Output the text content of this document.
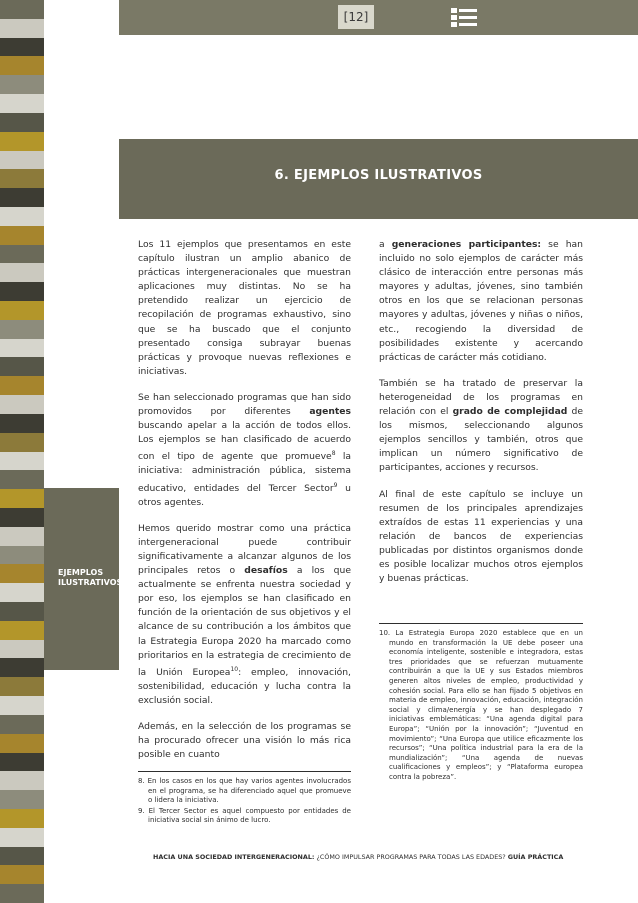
[12]
6. EJEMPLOS ILUSTRATIVOS
EJEMPLOS
ILUSTRATIVOS

Los 11 ejemplos que presentamos en este capítulo ilustran un amplio abanico de prácticas intergeneracionales que muestran aplicaciones muy distintas. No se ha pretendido realizar un ejercicio de recopilación de programas exhaustivo, sino que se ha buscado que el conjunto presentado consiga subrayar buenas prácticas y provoque nuevas reflexiones e iniciativas.

Se han seleccionado programas que han sido promovidos por diferentes agentes buscando apelar a la acción de todos ellos. Los ejemplos se han clasificado de acuerdo con el tipo de agente que promueve$^8$ la iniciativa: administración pública, sistema educativo, entidades del Tercer Sector$^9$ u otros agentes.

Hemos querido mostrar como una práctica intergeneracional puede contribuir significativamente a alcanzar algunos de los principales retos o desafíos a los que actualmente se enfrenta nuestra sociedad y por eso, los ejemplos se han clasificado en función de la orientación de sus objetivos y el alcance de su contribución a los ámbitos que la Estrategia Europa 2020 ha marcado como prioritarios en la estrategia de crecimiento de la Unión Europea$^{10}$: empleo, innovación, sostenibilidad, educación y lucha contra la exclusión social.

Además, en la selección de los programas se ha procurado ofrecer una visión lo más rica posible en cuanto

a generaciones participantes: se han incluido no solo ejemplos de carácter más clásico de interacción entre personas más mayores y adultas, jóvenes, sino también otros en los que se relacionan personas mayores y adultas, jóvenes y niñas o niños, etc., recogiendo la diversidad de posibilidades existente y acercando prácticas de carácter más cotidiano.

También se ha tratado de preservar la heterogeneidad de los programas en relación con el grado de complejidad de los mismos, seleccionando algunos ejemplos sencillos y también, otros que implican un número significativo de participantes, acciones y recursos.

Al final de este capítulo se incluye un resumen de los principales aprendizajes extraídos de estas 11 experiencias y una relación de bancos de experiencias publicadas por distintos organismos donde es posible localizar muchos otros ejemplos y buenas prácticas.

8. En los casos en los que hay varios agentes involucrados en el programa, se ha diferenciado aquel que promueve o lidera la iniciativa.

9. El Tercer Sector es aquel compuesto por entidades de iniciativa social sin ánimo de lucro.

10. La Estrategia Europa 2020 establece que en un mundo en transformación la UE debe poseer una economía inteligente, sostenible e integradora, estas tres prioridades que se refuerzan mutuamente contribuirán a que la UE y sus Estados miembros generen altos niveles de empleo, productividad y cohesión social. Para ello se han fijado 5 objetivos en materia de empleo, innovación, educación, integración social y clima/energía y se han desplegado 7 iniciativas emblemáticas: “Una agenda digital para Europa”; “Unión por la innovación”; “Juventud en movimiento”; “Una Europa que utilice eficazmente los recursos”; “Una política industrial para la era de la mundialización”; “Una agenda de nuevas cualificaciones y empleos”; y “Plataforma europea contra la pobreza”.

HACIA UNA SOCIEDAD INTERGENERACIONAL: ¿CÓMO IMPULSAR PROGRAMAS PARA TODAS LAS EDADES? GUÍA PRÁCTICA
